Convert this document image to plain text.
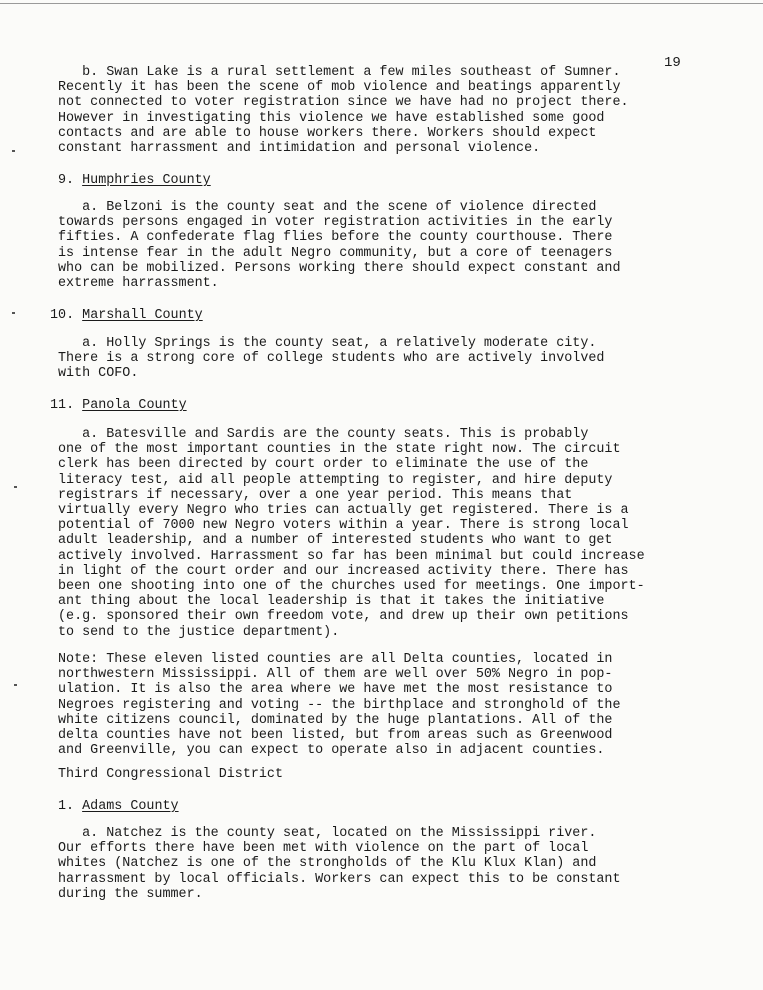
19
b. Swan Lake is a rural settlement a few miles southeast of Sumner.
Recently it has been the scene of mob violence and beatings apparently
not connected to voter registration since we have had no project there.
However in investigating this violence we have established some good
contacts and are able to house workers there. Workers should expect
constant harrassment and intimidation and personal violence.
9. Humphries County
a. Belzoni is the county seat and the scene of violence directed
towards persons engaged in voter registration activities in the early
fifties. A confederate flag flies before the county courthouse. There
is intense fear in the adult Negro community, but a core of teenagers
who can be mobilized. Persons working there should expect constant and
extreme harrassment.
10. Marshall County
a. Holly Springs is the county seat, a relatively moderate city.
There is a strong core of college students who are actively involved
with COFO.
11. Panola County
a. Batesville and Sardis are the county seats. This is probably
one of the most important counties in the state right now. The circuit
clerk has been directed by court order to eliminate the use of the
literacy test, aid all people attempting to register, and hire deputy
registrars if necessary, over a one year period. This means that
virtually every Negro who tries can actually get registered. There is a
potential of 7000 new Negro voters within a year. There is strong local
adult leadership, and a number of interested students who want to get
actively involved. Harrassment so far has been minimal but could increase
in light of the court order and our increased activity there. There has
been one shooting into one of the churches used for meetings. One import-
ant thing about the local leadership is that it takes the initiative
(e.g. sponsored their own freedom vote, and drew up their own petitions
to send to the justice department).
Note: These eleven listed counties are all Delta counties, located in
northwestern Mississippi. All of them are well over 50% Negro in pop-
ulation. It is also the area where we have met the most resistance to
Negroes registering and voting -- the birthplace and stronghold of the
white citizens council, dominated by the huge plantations. All of the
delta counties have not been listed, but from areas such as Greenwood
and Greenville, you can expect to operate also in adjacent counties.
Third Congressional District
1. Adams County
a. Natchez is the county seat, located on the Mississippi river.
Our efforts there have been met with violence on the part of local
whites (Natchez is one of the strongholds of the Klu Klux Klan) and
harrassment by local officials. Workers can expect this to be constant
during the summer.
